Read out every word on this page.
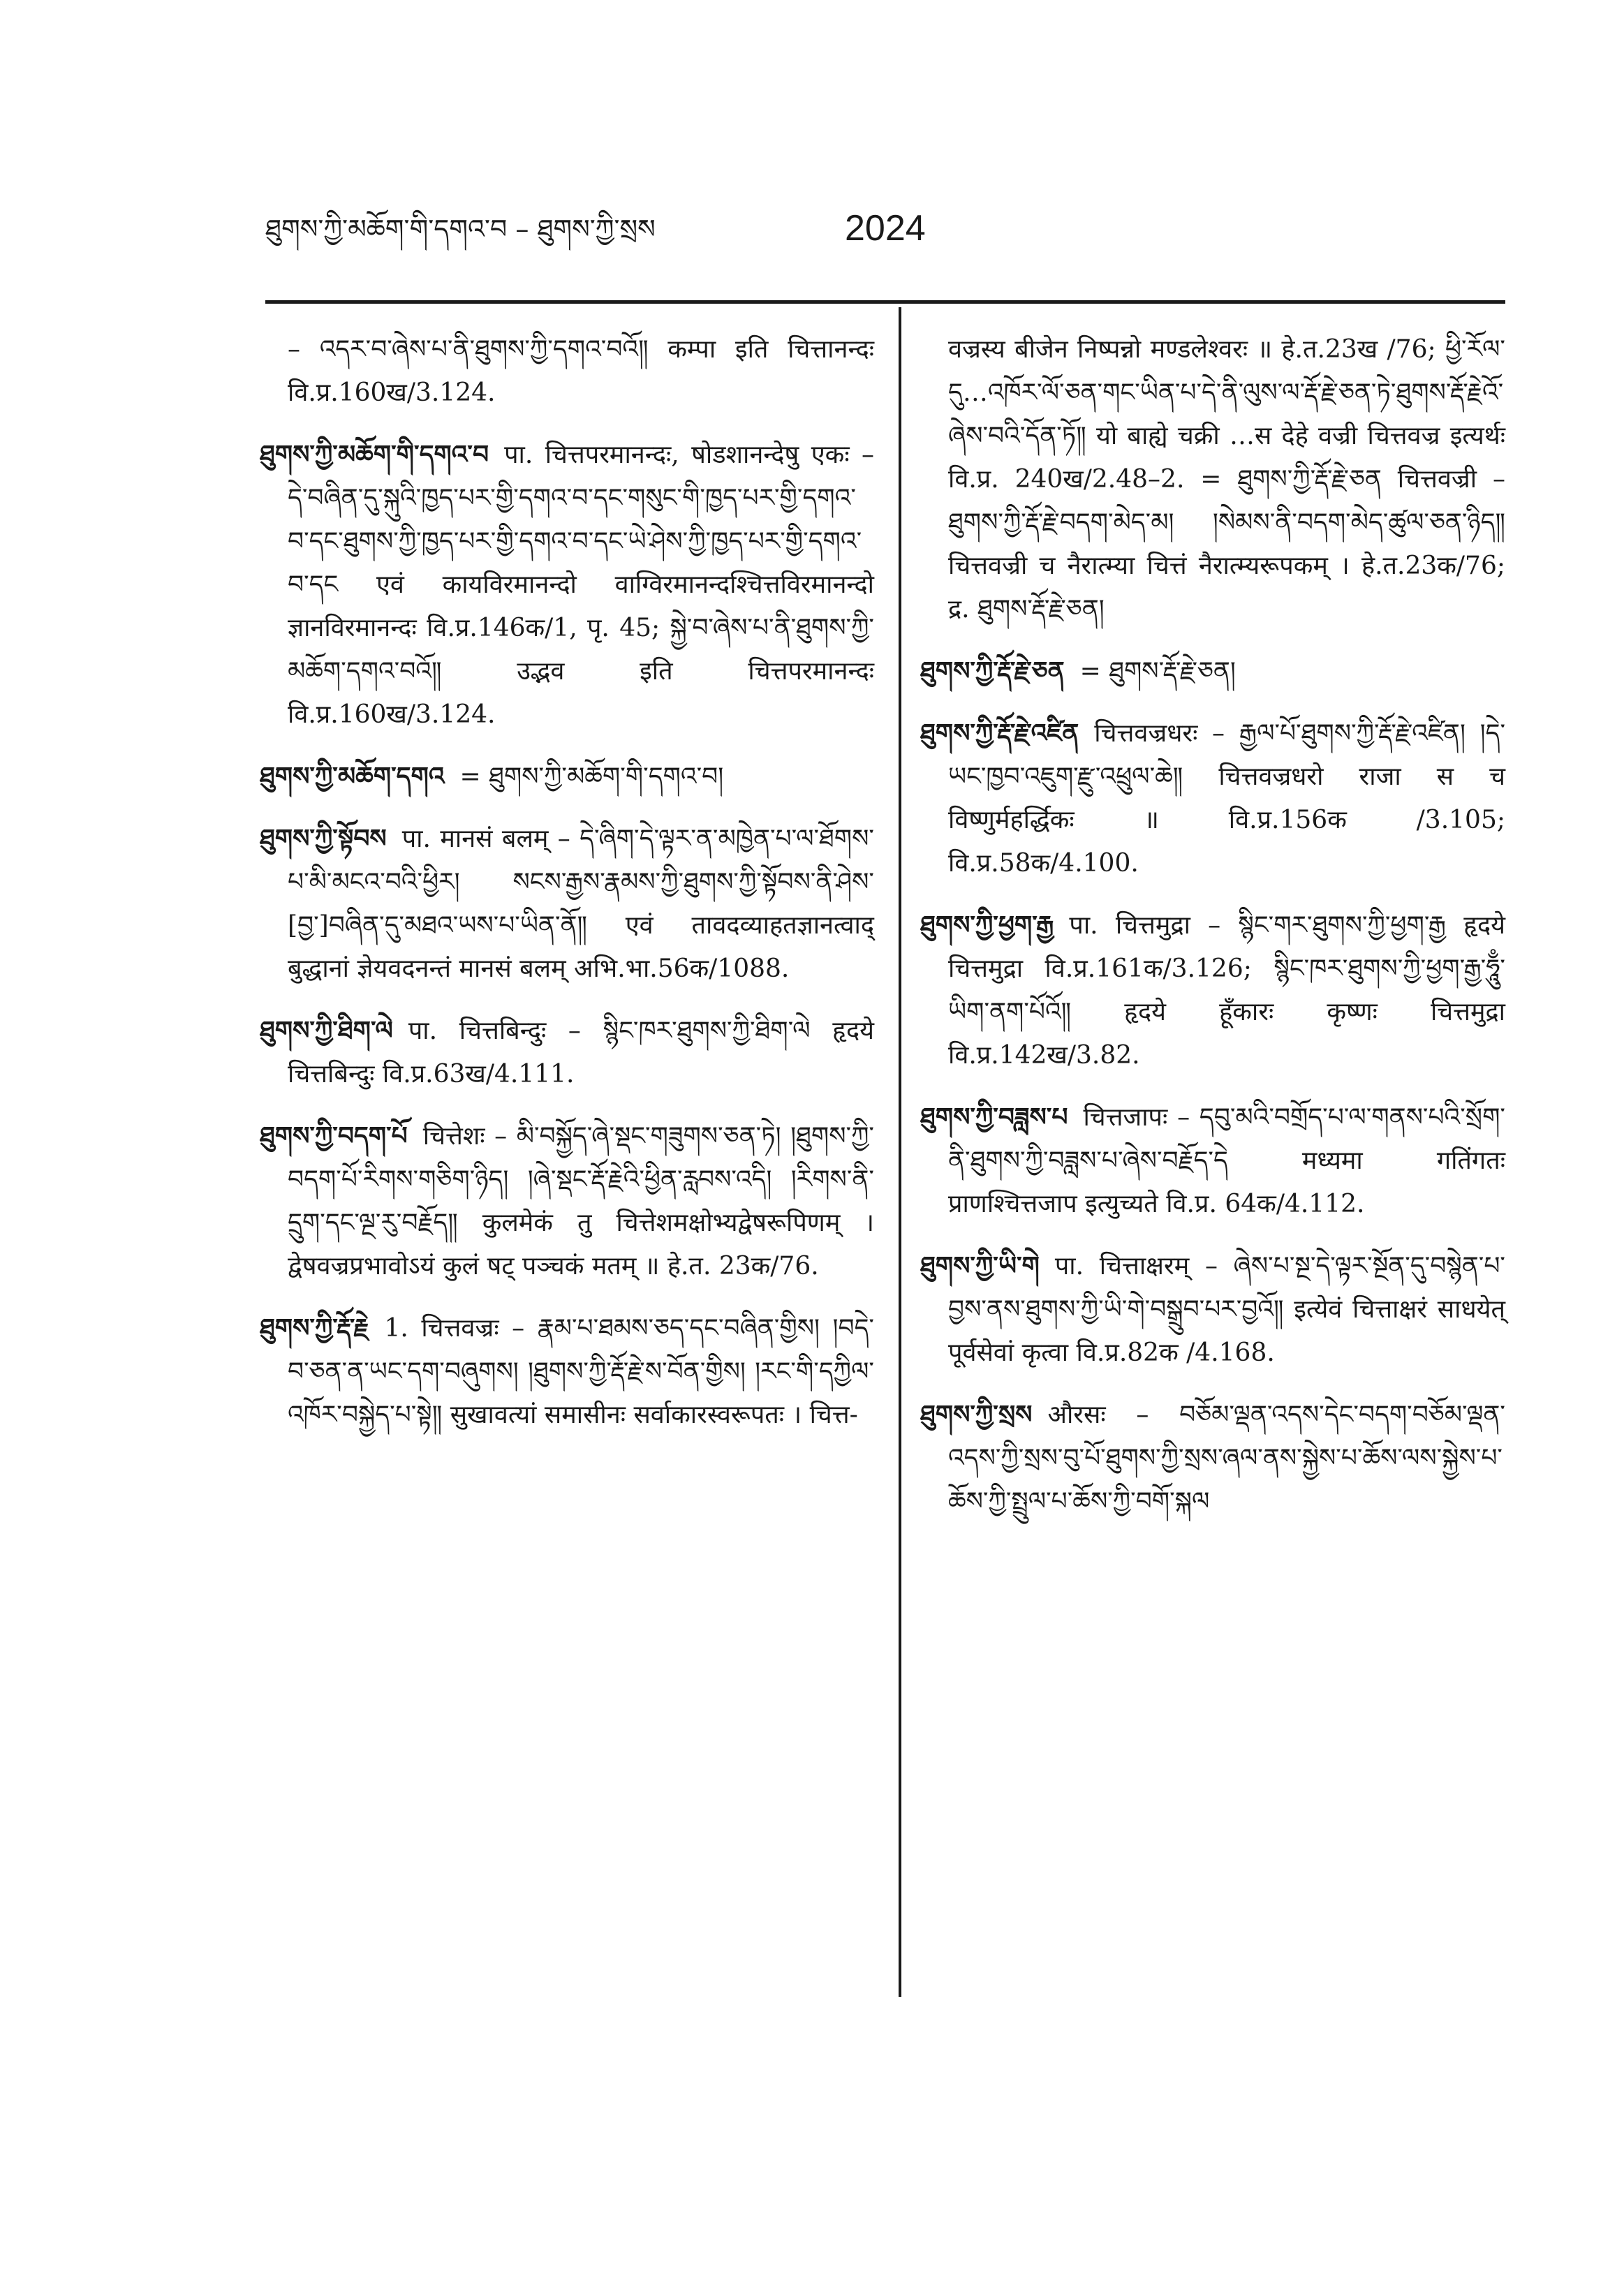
ཐུགས་ཀྱི་མཆོག་གི་དགའ་བ – ཐུགས་ཀྱི་སྲས	2024

– འདར་བ་ཞེས་པ་ནི་ཐུགས་ཀྱི་དགའ་བའོ༎ कम्पा इति चित्तानन्दः वि.प्र.160ख/3.124.

ཐུགས་ཀྱི་མཆོག་གི་དགའ་བ पा. चित्तपरमानन्दः, षोडशानन्देषु एकः – དེ་བཞིན་དུ་སྐུའི་ཁྱད་པར་གྱི་དགའ་བ་དང་གསུང་གི་ཁྱད་པར་གྱི་དགའ་བ་དང་ཐུགས་ཀྱི་ཁྱད་པར་གྱི་དགའ་བ་དང་ཡེ་ཤེས་ཀྱི་ཁྱད་པར་གྱི་དགའ་བ་དང एवं कायविरमानन्दो वाग्विरमानन्दश्चित्तविरमानन्दो ज्ञानविरमानन्दः वि.प्र.146क/1, पृ. 45; སྐྱེ་བ་ཞེས་པ་ནི་ཐུགས་ཀྱི་མཆོག་དགའ་བའོ༎ उद्भव इति चित्तपरमानन्दः वि.प्र.160ख/3.124.

ཐུགས་ཀྱི་མཆོག་དགའ = ཐུགས་ཀྱི་མཆོག་གི་དགའ་བ།

ཐུགས་ཀྱི་སྟོབས पा. मानसं बलम् – དེ་ཞིག་དེ་ལྟར་ན་མཁྱེན་པ་ལ་ཐོགས་པ་མི་མངའ་བའི་ཕྱིར། སངས་རྒྱས་རྣམས་ཀྱི་ཐུགས་ཀྱི་སྟོབས་ནི་ཤེས་[བྱ་]བཞིན་དུ་མཐའ་ཡས་པ་ཡིན་ནོ༎ एवं तावदव्याहतज्ञानत्वाद् बुद्धानां ज्ञेयवदनन्तं मानसं बलम् अभि.भा.56क/1088.

ཐུགས་ཀྱི་ཐིག་ལེ पा. चित्तबिन्दुः – སྙིང་ཁར་ཐུགས་ཀྱི་ཐིག་ལེ हृदये चित्तबिन्दुः वि.प्र.63ख/4.111.

ཐུགས་ཀྱི་བདག་པོ चित्तेशः – མི་བསྐྱོད་ཞེ་སྡང་གཟུགས་ཅན་ཏེ། །ཐུགས་ཀྱི་བདག་པོ་རིགས་གཅིག་ཉིད། །ཞེ་སྡང་རྡོ་རྗེའི་ཕྱིན་རླབས་འདི། །རིགས་ནི་དྲུག་དང་ལྔ་རུ་བརྗོད༎ कुलमेकं तु चित्तेशमक्षोभ्यद्वेषरूपिणम् । द्वेषवज्रप्रभावोऽयं कुलं षट् पञ्चकं मतम् ॥ हे.त. 23क/76.

ཐུགས་ཀྱི་རྡོ་རྗེ 1. चित्तवज्रः – རྣམ་པ་ཐམས་ཅད་དང་བཞིན་གྱིས། །བདེ་བ་ཅན་ན་ཡང་དག་བཞུགས། །ཐུགས་ཀྱི་རྡོ་རྗེ་ས་བོན་གྱིས། །རང་གི་དཀྱིལ་འཁོར་བསྐྱེད་པ་སྟེ༎ सुखावत्यां समासीनः सर्वाकारस्वरूपतः । चित्त-

वज्रस्य बीजेन निष्पन्नो मण्डलेश्वरः ॥ हे.त.23ख /76; ཕྱི་རོལ་དུ…འཁོར་ལོ་ཅན་གང་ཡིན་པ་དེ་ནི་ལུས་ལ་རྡོ་རྗེ་ཅན་ཏེ་ཐུགས་རྡོ་རྗེའོ་ཞེས་བའི་དོན་ཏོ༎ यो बाह्ये चक्री …स देहे वज्री चित्तवज्र इत्यर्थः वि.प्र. 240ख/2.48–2. = ཐུགས་ཀྱི་རྡོ་རྗེ་ཅན चित्तवज्री – ཐུགས་ཀྱི་རྡོ་རྗེ་བདག་མེད་མ། །སེམས་ནི་བདག་མེད་ཚུལ་ཅན་ཉིད༎ चित्तवज्री च नैरात्म्या चित्तं नैरात्म्यरूपकम् । हे.त.23क/76; द्र. ཐུགས་རྡོ་རྗེ་ཅན།

ཐུགས་ཀྱི་རྡོ་རྗེ་ཅན = ཐུགས་རྡོ་རྗེ་ཅན།

ཐུགས་ཀྱི་རྡོ་རྗེ་འཛིན चित्तवज्रधरः – རྒྱལ་པོ་ཐུགས་ཀྱི་རྡོ་རྗེ་འཛིན། །དེ་ཡང་ཁྱབ་འཇུག་རྫུ་འཕྲུལ་ཆེ༎ चित्तवज्रधरो राजा स च विष्णुर्महर्द्धिकः ॥ वि.प्र.156क /3.105; वि.प्र.58क/4.100.

ཐུགས་ཀྱི་ཕྱག་རྒྱ पा. चित्तमुद्रा – སྙིང་གར་ཐུགས་ཀྱི་ཕྱག་རྒྱ हृदये चित्तमुद्रा वि.प्र.161क/3.126; སྙིང་ཁར་ཐུགས་ཀྱི་ཕྱག་རྒྱ་ཧཱུྃ་ཡིག་ནག་པོའོ༎ हृदये हूँकारः कृष्णः चित्तमुद्रा वि.प्र.142ख/3.82.

ཐུགས་ཀྱི་བཟླས་པ चित्तजापः – དབུ་མའི་བགྲོད་པ་ལ་གནས་པའི་སྲོག་ནི་ཐུགས་ཀྱི་བཟླས་པ་ཞེས་བརྗོད་དེ मध्यमा गतिंगतः प्राणश्चित्तजाप इत्युच्यते वि.प्र. 64क/4.112.

ཐུགས་ཀྱི་ཡི་གེ पा. चित्ताक्षरम् – ཞེས་པ་སྔ་དེ་ལྟར་སྔོན་དུ་བསྙེན་པ་བྱས་ནས་ཐུགས་ཀྱི་ཡི་གེ་བསྒྲུབ་པར་བྱའོ༎ इत्येवं चित्ताक्षरं साधयेत् पूर्वसेवां कृत्वा वि.प्र.82क /4.168.

ཐུགས་ཀྱི་སྲས औरसः – བཅོམ་ལྡན་འདས་དེང་བདག་བཅོམ་ལྡན་འདས་ཀྱི་སྲས་བུ་པོ་ཐུགས་ཀྱི་སྲས་ཞལ་ནས་སྐྱེས་པ་ཆོས་ལས་སྐྱེས་པ་ཆོས་ཀྱི་སྤྲུལ་པ་ཆོས་ཀྱི་བགོ་སྐལ
